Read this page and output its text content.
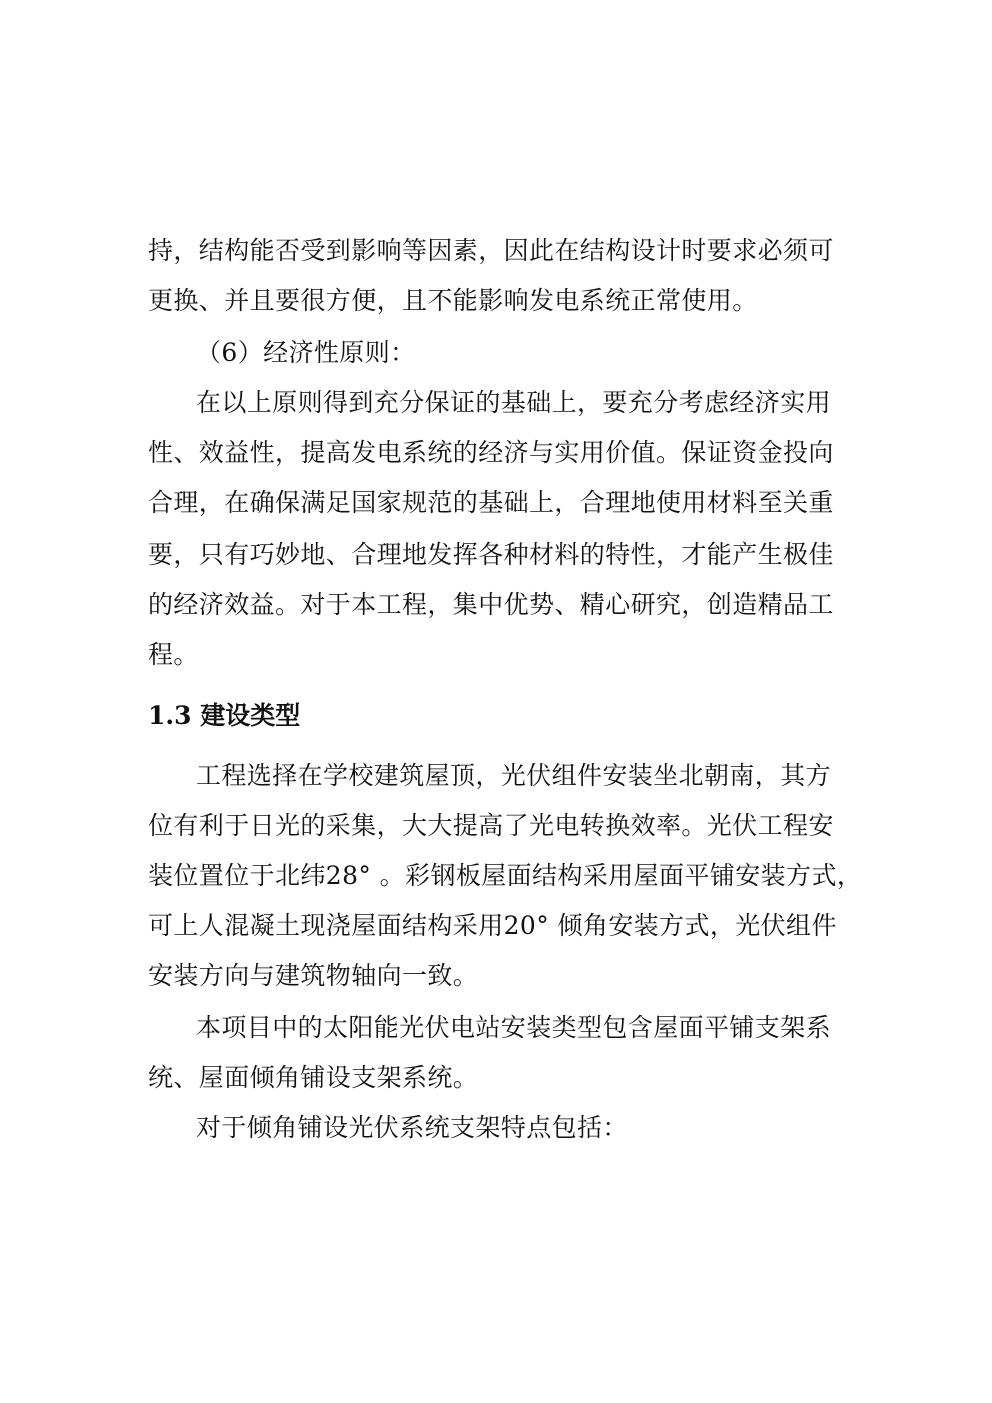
持，结构能否受到影响等因素，因此在结构设计时要求必须可
更换、并且要很方便，且不能影响发电系统正常使用。
（6）经济性原则：
在以上原则得到充分保证的基础上，要充分考虑经济实用
性、效益性，提高发电系统的经济与实用价值。保证资金投向
合理，在确保满足国家规范的基础上，合理地使用材料至关重
要，只有巧妙地、合理地发挥各种材料的特性，才能产生极佳
的经济效益。对于本工程，集中优势、精心研究，创造精品工
程。
1.3 建设类型
工程选择在学校建筑屋顶，光伏组件安装坐北朝南，其方
位有利于日光的采集，大大提高了光电转换效率。光伏工程安
装位置位于北纬28° 。彩钢板屋面结构采用屋面平铺安装方式，
可上人混凝土现浇屋面结构采用20° 倾角安装方式，光伏组件
安装方向与建筑物轴向一致。
本项目中的太阳能光伏电站安装类型包含屋面平铺支架系
统、屋面倾角铺设支架系统。
对于倾角铺设光伏系统支架特点包括：
